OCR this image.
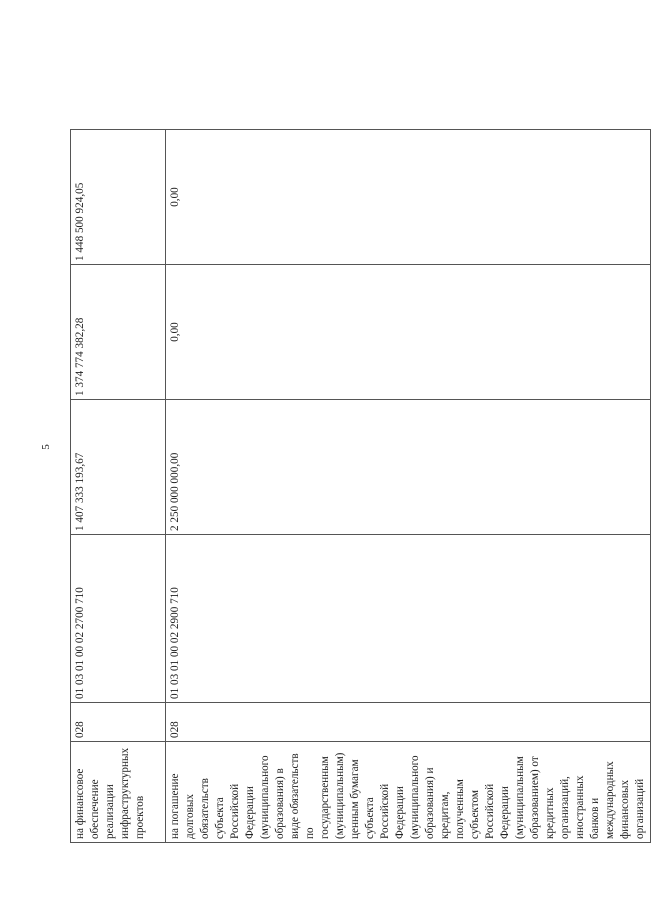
5
на финансовое обеспечение реализации инфраструктурных проектов	028	01 03 01 00 02 2700 710	1 407 333 193,67	1 374 774 382,28	1 448 500 924,05
на погашение долговых обязательств субъекта Российской Федерации (муниципального образования) в виде обязательств по государственным (муниципальным) ценным бумагам субъекта Российской Федерации (муниципального образования) и кредитам, полученным субъектом Российской Федерации (муниципальным образованием) от кредитных организаций, иностранных банков и международных финансовых организаций	028	01 03 01 00 02 2900 710	2 250 000 000,00	0,00	0,00
